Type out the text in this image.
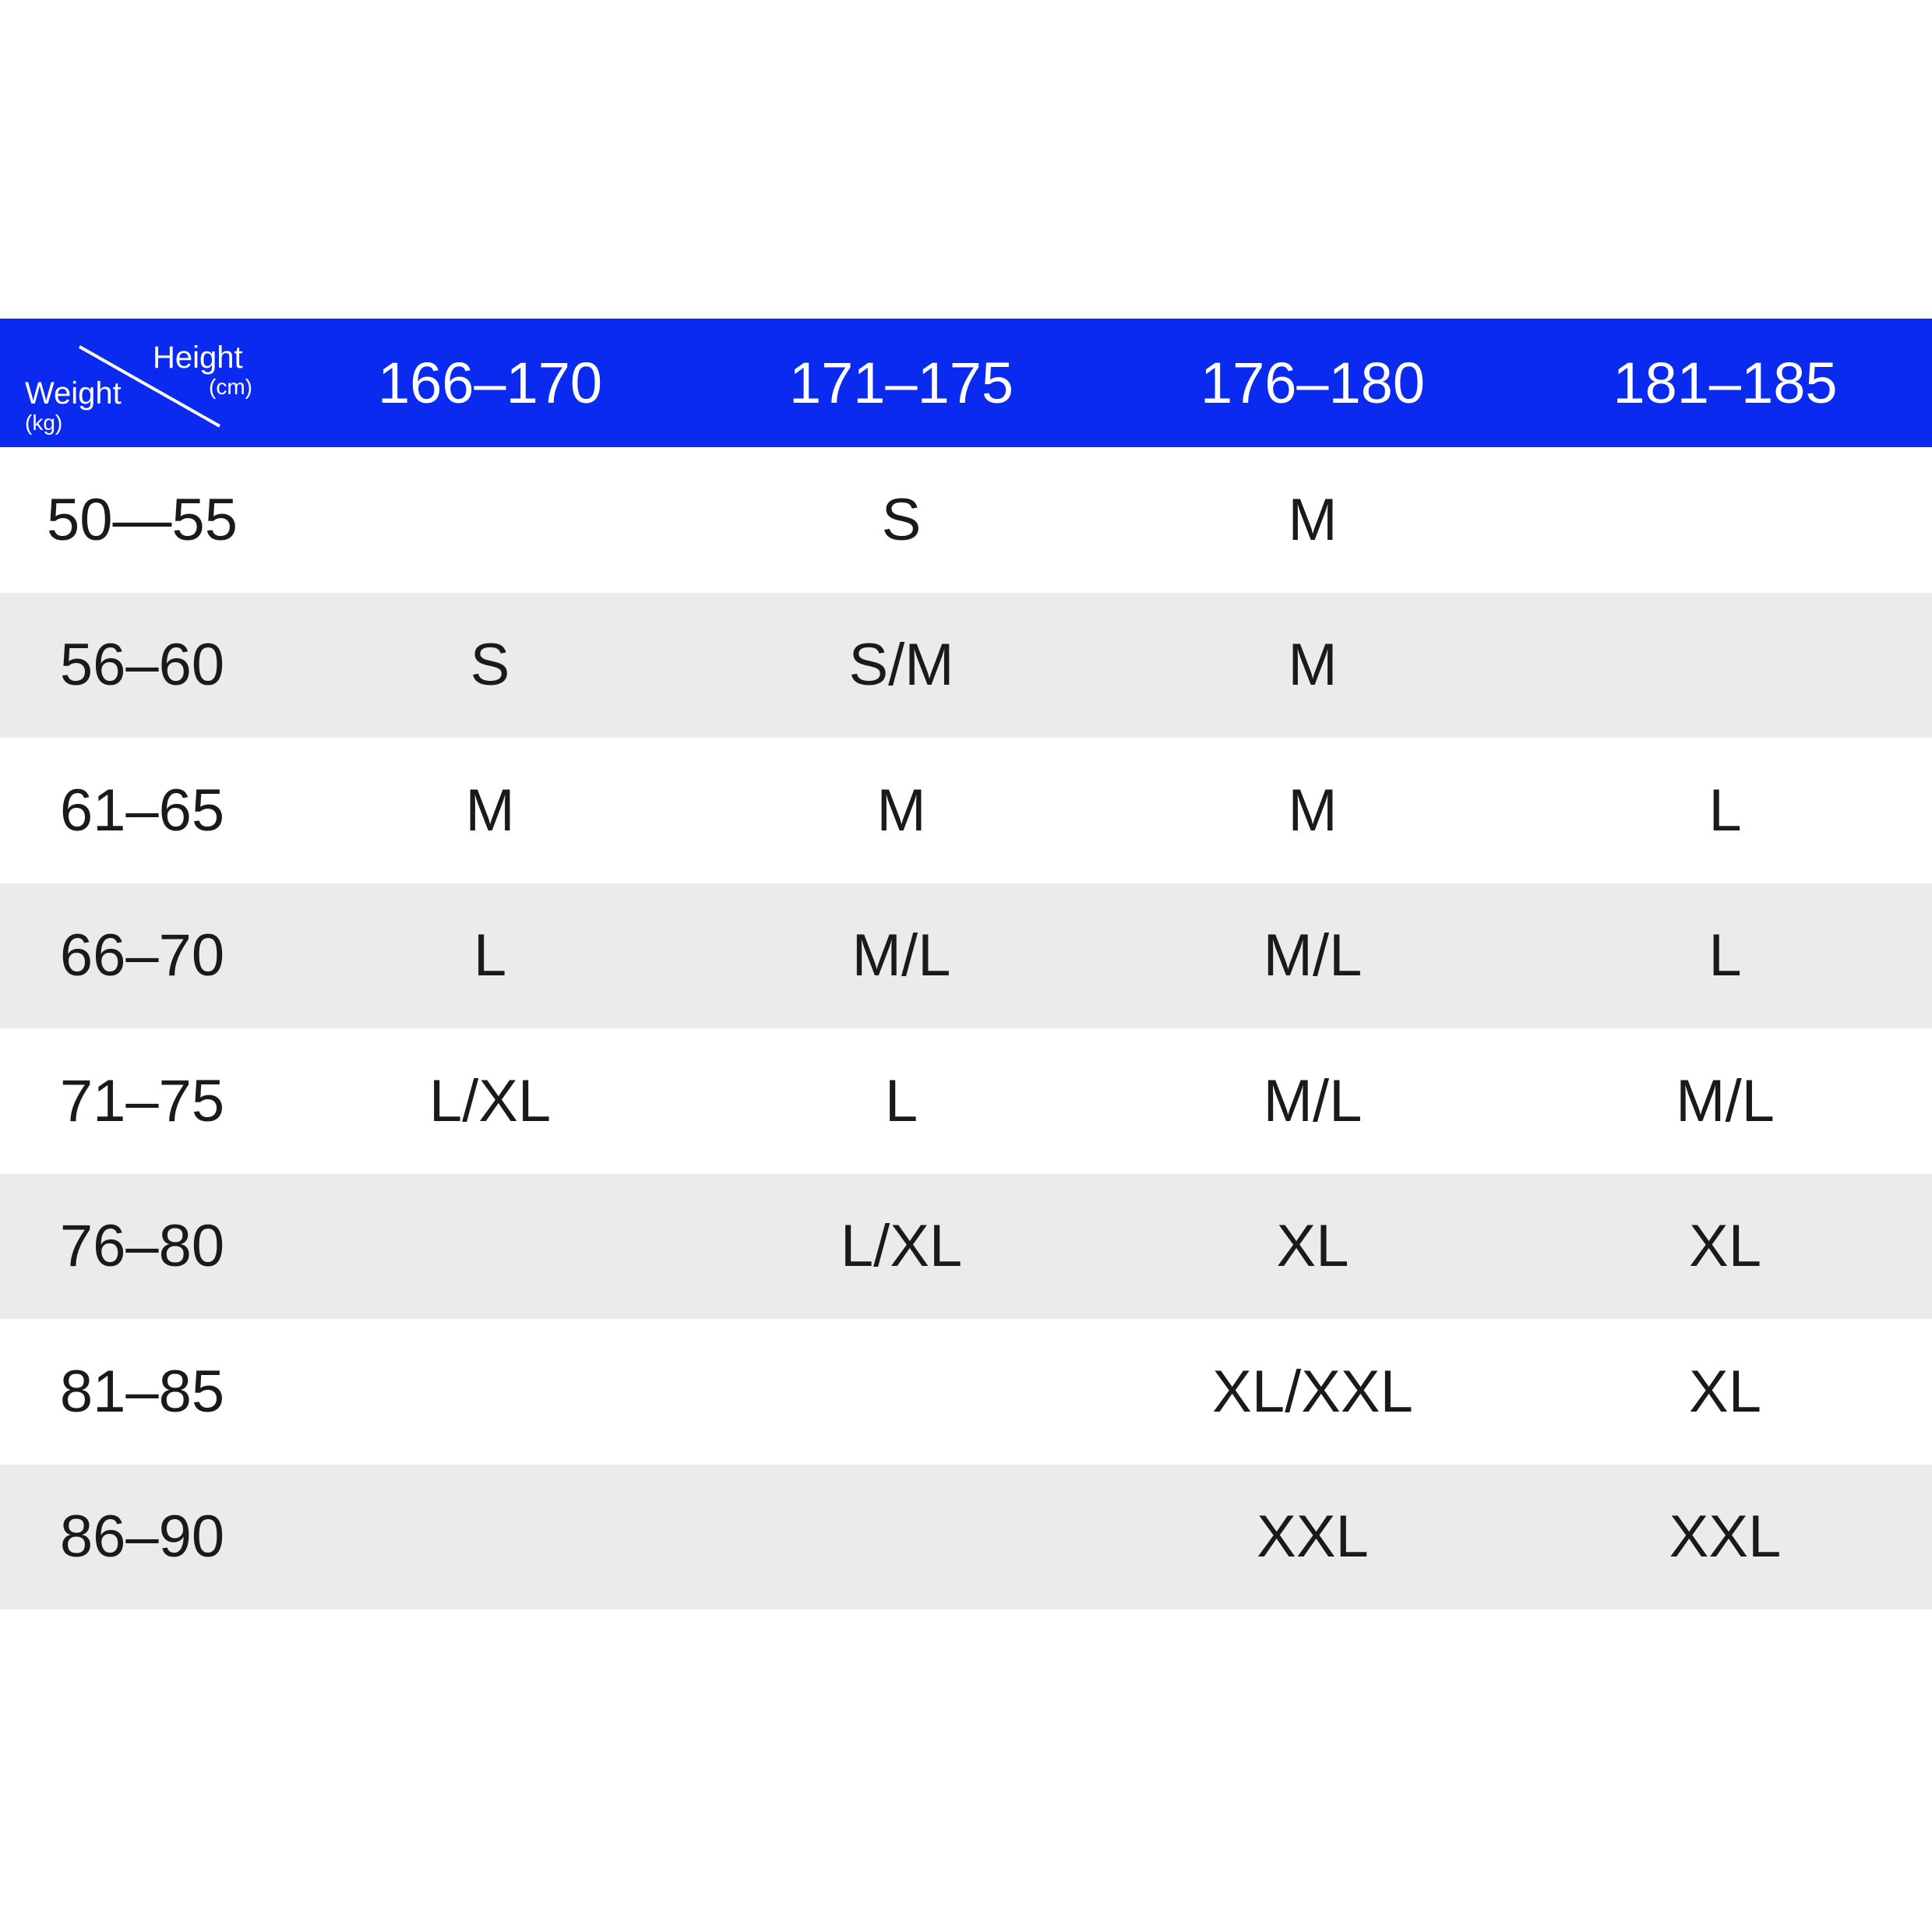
Height
(cm)
Weight
(kg)	166–170	171–175	176–180	181–185
50—55		S	M	
56–60	S	S/M	M	
61–65	M	M	M	L
66–70	L	M/L	M/L	L
71–75	L/XL	L	M/L	M/L
76–80		L/XL	XL	XL
81–85			XL/XXL	XL
86–90			XXL	XXL
